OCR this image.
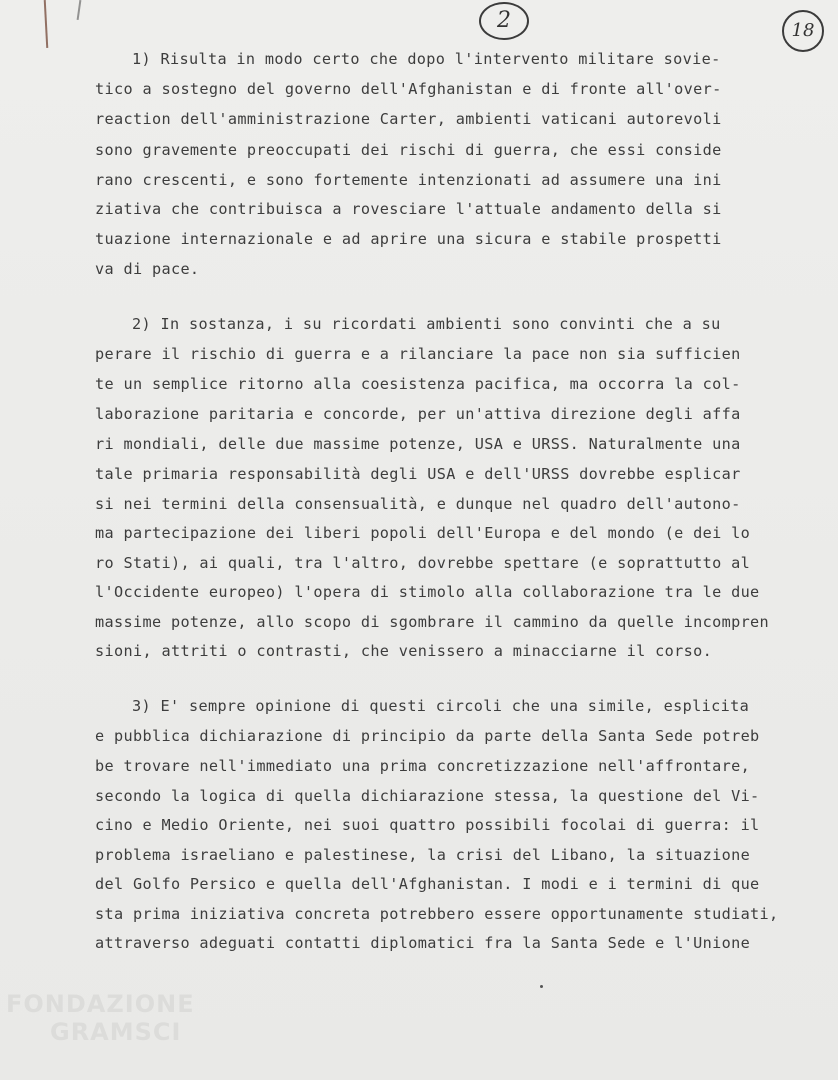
2	18
1) Risulta in modo certo che dopo l'intervento militare sovie-
tico a sostegno del governo dell'Afghanistan e di fronte all'over-
reaction dell'amministrazione Carter, ambienti vaticani autorevoli
sono gravemente preoccupati dei rischi di guerra, che essi conside
rano crescenti, e sono fortemente intenzionati ad assumere una ini
ziativa che contribuisca a rovesciare l'attuale andamento della si
tuazione internazionale e ad aprire una sicura e stabile prospetti
va di pace.
2) In sostanza, i su ricordati ambienti sono convinti che a su
perare il rischio di guerra e a rilanciare la pace non sia sufficien
te un semplice ritorno alla coesistenza pacifica, ma occorra la col-
laborazione paritaria e concorde, per un'attiva direzione degli affa
ri mondiali, delle due massime potenze, USA e URSS. Naturalmente una
tale primaria responsabilità degli USA e dell'URSS dovrebbe esplicar
si nei termini della consensualità, e dunque nel quadro dell'autono-
ma partecipazione dei liberi popoli dell'Europa e del mondo (e dei lo
ro Stati), ai quali, tra l'altro, dovrebbe spettare (e soprattutto al
l'Occidente europeo) l'opera di stimolo alla collaborazione tra le due
massime potenze, allo scopo di sgombrare il cammino da quelle incompren
sioni, attriti o contrasti, che venissero a minacciarne il corso.
3) E' sempre opinione di questi circoli che una simile, esplicita
e pubblica dichiarazione di principio da parte della Santa Sede potreb
be trovare nell'immediato una prima concretizzazione nell'affrontare,
secondo la logica di quella dichiarazione stessa, la questione del Vi-
cino e Medio Oriente, nei suoi quattro possibili focolai di guerra: il
problema israeliano e palestinese, la crisi del Libano, la situazione
del Golfo Persico e quella dell'Afghanistan. I modi e i termini di que
sta prima iniziativa concreta potrebbero essere opportunamente studiati,
attraverso adeguati contatti diplomatici fra la Santa Sede e l'Unione
FONDAZIONE
GRAMSCI
